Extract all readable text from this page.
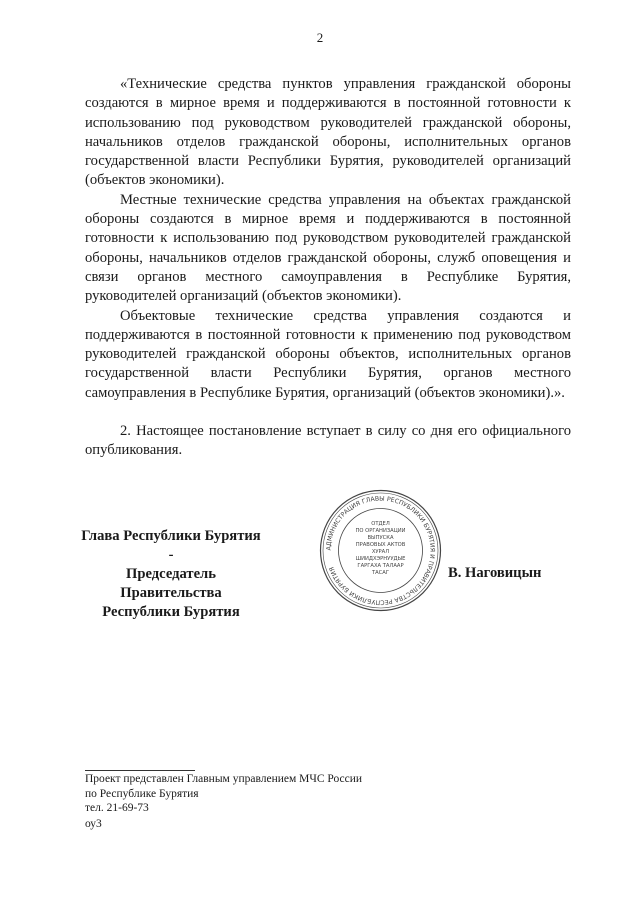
2

«Технические средства пунктов управления гражданской обороны создаются в мирное время и поддерживаются в постоянной готовности к использованию под руководством руководителей гражданской обороны, начальников отделов гражданской обороны, исполнительных органов государственной власти Республики Бурятия, руководителей организаций (объектов экономики).

Местные технические средства управления на объектах гражданской обороны создаются в мирное время и поддерживаются в постоянной готовности к использованию под руководством руководителей гражданской обороны, начальников отделов гражданской обороны, служб оповещения и связи органов местного самоуправления в Республике Бурятия, руководителей организаций (объектов экономики).

Объектовые технические средства управления создаются и поддерживаются в постоянной готовности к применению под руководством руководителей гражданской обороны объектов, исполнительных органов государственной власти Республики Бурятия, органов местного самоуправления в Республике Бурятия, организаций (объектов экономики).».

2. Настоящее постановление вступает в силу со дня его официального опубликования.

Глава Республики Бурятия -
Председатель Правительства
Республики Бурятия
АДМИНИСТРАЦИЯ ГЛАВЫ РЕСПУБЛИКИ БУРЯТИЯ И ПРАВИТЕЛЬСТВА РЕСПУБЛИКИ БУРЯТИЯ
ОТДЕЛ
ПО ОРГАНИЗАЦИИ
ВЫПУСКА
ПРАВОВЫХ АКТОВ
ХУРАЛ
ШИИДХЭРНУУДЫЕ
ГАРГАХА ТАЛААР
ТАСАГ	В. Наговицын
Проект представлен Главным управлением МЧС России
по Республике Бурятия
тел. 21-69-73
оу3
